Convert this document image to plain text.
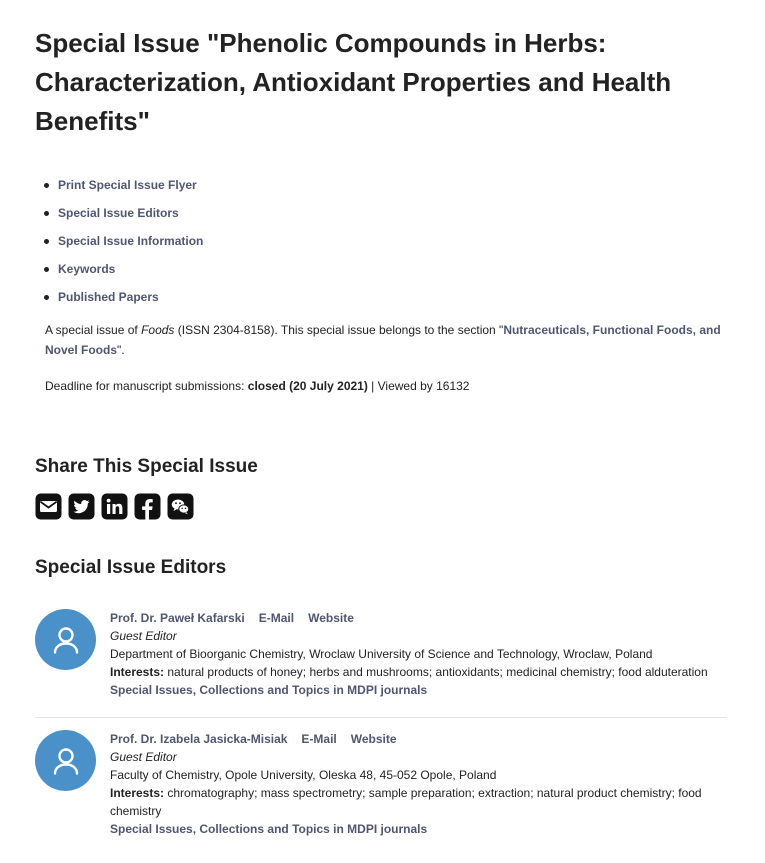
Special Issue "Phenolic Compounds in Herbs: Characterization, Antioxidant Properties and Health Benefits"
Print Special Issue Flyer
Special Issue Editors
Special Issue Information
Keywords
Published Papers
A special issue of Foods (ISSN 2304-8158). This special issue belongs to the section "Nutraceuticals, Functional Foods, and Novel Foods".
Deadline for manuscript submissions: closed (20 July 2021) | Viewed by 16132
Share This Special Issue
Special Issue Editors
Prof. Dr. Paweł Kafarski E-Mail Website
Guest Editor
Department of Bioorganic Chemistry, Wroclaw University of Science and Technology, Wroclaw, Poland
Interests: natural products of honey; herbs and mushrooms; antioxidants; medicinal chemistry; food alduteration
Special Issues, Collections and Topics in MDPI journals
Prof. Dr. Izabela Jasicka-Misiak E-Mail Website
Guest Editor
Faculty of Chemistry, Opole University, Oleska 48, 45-052 Opole, Poland
Interests: chromatography; mass spectrometry; sample preparation; extraction; natural product chemistry; food chemistry
Special Issues, Collections and Topics in MDPI journals
